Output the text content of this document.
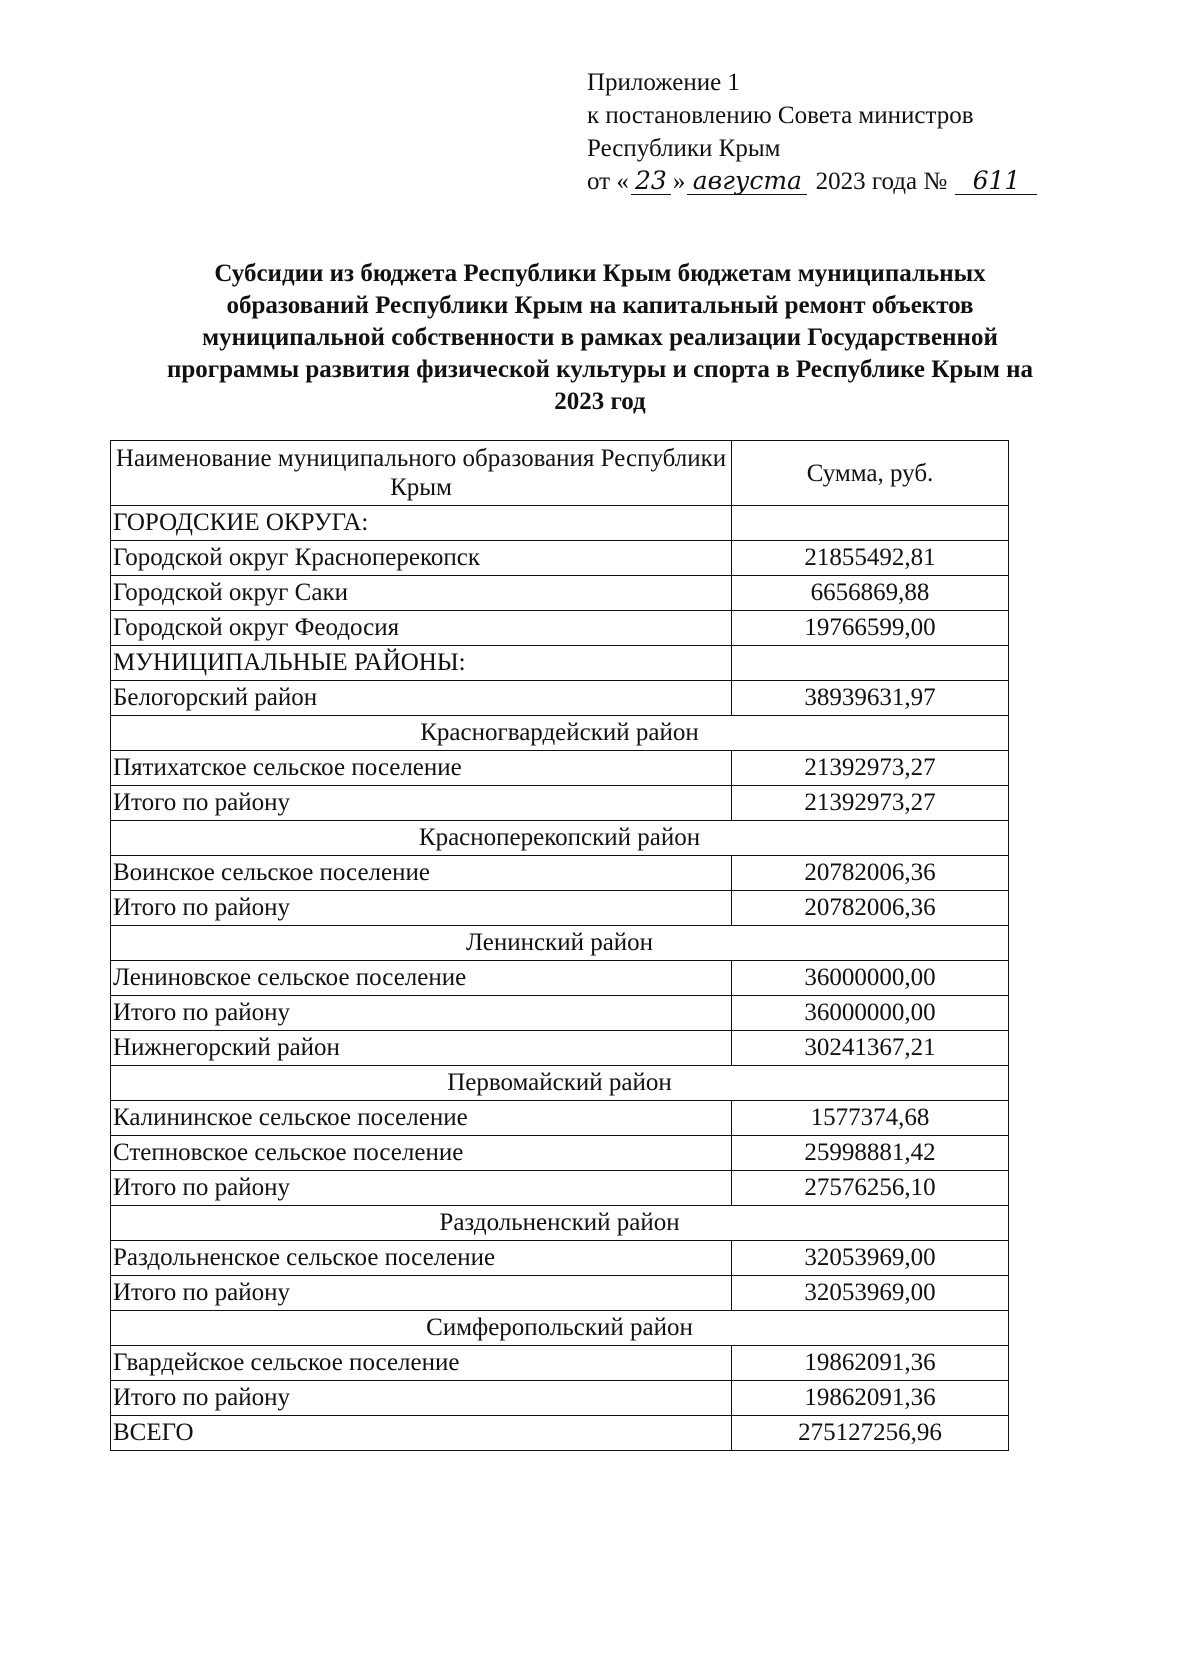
Приложение 1
к постановлению Совета министров
Республики Крым
от « 23 » августа 2023 года № 611
Субсидии из бюджета Республики Крым бюджетам муниципальных
образований Республики Крым на капитальный ремонт объектов
муниципальной собственности в рамках реализации Государственной
программы развития физической культуры и спорта в Республике Крым на
2023 год
Наименование муниципального образования Республики Крым	Сумма, руб.
ГОРОДСКИЕ ОКРУГА:	
Городской округ Красноперекопск	21855492,81
Городской округ Саки	6656869,88
Городской округ Феодосия	19766599,00
МУНИЦИПАЛЬНЫЕ РАЙОНЫ:	
Белогорский район	38939631,97
Красногвардейский район	
Пятихатское сельское поселение	21392973,27
Итого по району	21392973,27
Красноперекопский район	
Воинское сельское поселение	20782006,36
Итого по району	20782006,36
Ленинский район	
Лениновское сельское поселение	36000000,00
Итого по району	36000000,00
Нижнегорский район	30241367,21
Первомайский район	
Калининское сельское поселение	1577374,68
Степновское сельское поселение	25998881,42
Итого по району	27576256,10
Раздольненский район	
Раздольненское сельское поселение	32053969,00
Итого по району	32053969,00
Симферопольский район	
Гвардейское сельское поселение	19862091,36
Итого по району	19862091,36
ВСЕГО	275127256,96
